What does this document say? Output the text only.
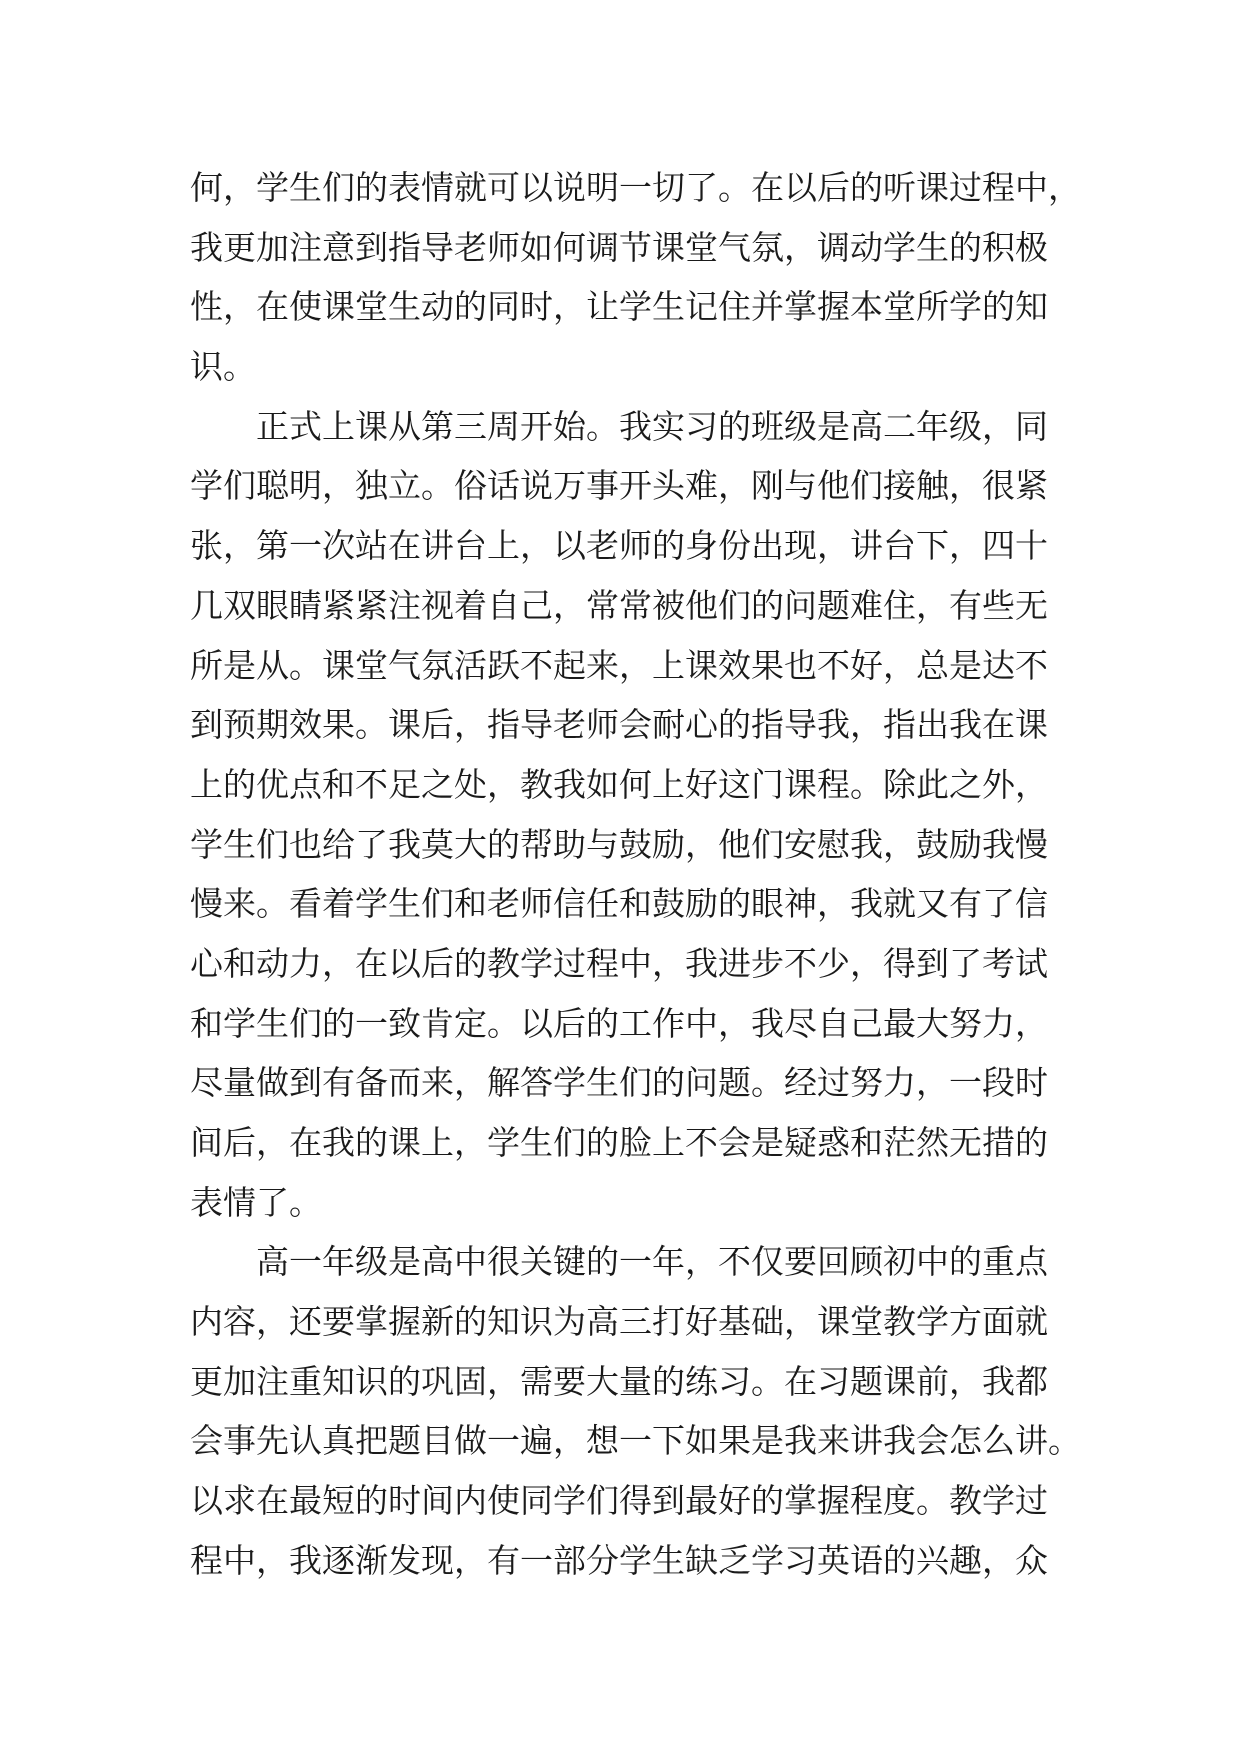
何，学生们的表情就可以说明一切了。在以后的听课过程中，
我更加注意到指导老师如何调节课堂气氛，调动学生的积极
性，在使课堂生动的同时，让学生记住并掌握本堂所学的知
识。
正式上课从第三周开始。我实习的班级是高二年级，同
学们聪明，独立。俗话说万事开头难，刚与他们接触，很紧
张，第一次站在讲台上，以老师的身份出现，讲台下，四十
几双眼睛紧紧注视着自己，常常被他们的问题难住，有些无
所是从。课堂气氛活跃不起来，上课效果也不好，总是达不
到预期效果。课后，指导老师会耐心的指导我，指出我在课
上的优点和不足之处，教我如何上好这门课程。除此之外，
学生们也给了我莫大的帮助与鼓励，他们安慰我，鼓励我慢
慢来。看着学生们和老师信任和鼓励的眼神，我就又有了信
心和动力，在以后的教学过程中，我进步不少，得到了考试
和学生们的一致肯定。以后的工作中，我尽自己最大努力，
尽量做到有备而来，解答学生们的问题。经过努力，一段时
间后，在我的课上，学生们的脸上不会是疑惑和茫然无措的
表情了。
高一年级是高中很关键的一年，不仅要回顾初中的重点
内容，还要掌握新的知识为高三打好基础，课堂教学方面就
更加注重知识的巩固，需要大量的练习。在习题课前，我都
会事先认真把题目做一遍，想一下如果是我来讲我会怎么讲。
以求在最短的时间内使同学们得到最好的掌握程度。教学过
程中，我逐渐发现，有一部分学生缺乏学习英语的兴趣，众
